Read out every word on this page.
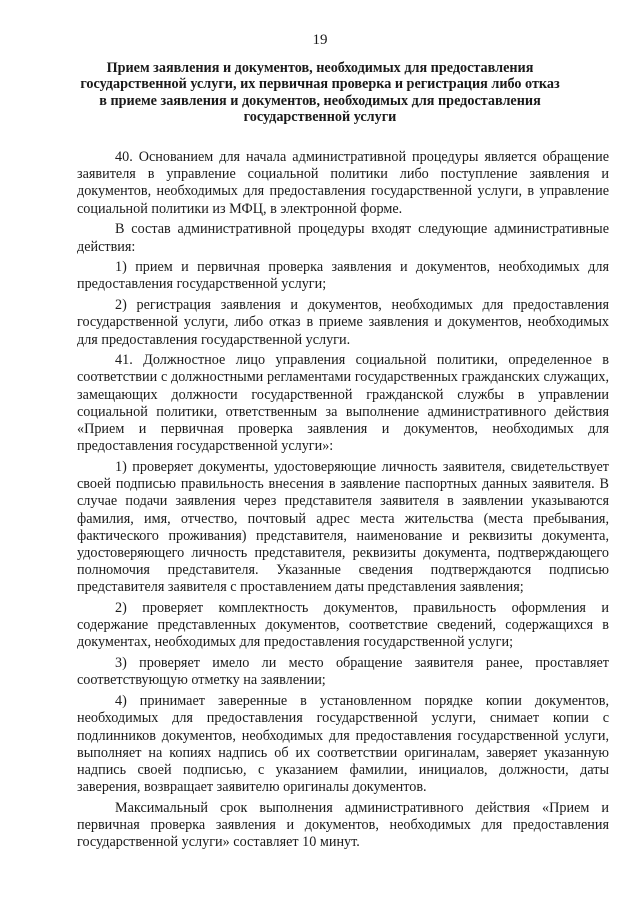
19
Прием заявления и документов, необходимых для предоставления государственной услуги, их первичная проверка и регистрация либо отказ в приеме заявления и документов, необходимых для предоставления государственной услуги

40. Основанием для начала административной процедуры является обращение заявителя в управление социальной политики либо поступление заявления и документов, необходимых для предоставления государственной услуги, в управление социальной политики из МФЦ, в электронной форме.

В состав административной процедуры входят следующие административные действия:

1) прием и первичная проверка заявления и документов, необходимых для предоставления государственной услуги;

2) регистрация заявления и документов, необходимых для предоставления государственной услуги, либо отказ в приеме заявления и документов, необходимых для предоставления государственной услуги.

41. Должностное лицо управления социальной политики, определенное в соответствии с должностными регламентами государственных гражданских служащих, замещающих должности государственной гражданской службы в управлении социальной политики, ответственным за выполнение административного действия «Прием и первичная проверка заявления и документов, необходимых для предоставления государственной услуги»:

1) проверяет документы, удостоверяющие личность заявителя, свидетельствует своей подписью правильность внесения в заявление паспортных данных заявителя. В случае подачи заявления через представителя заявителя в заявлении указываются фамилия, имя, отчество, почтовый адрес места жительства (места пребывания, фактического проживания) представителя, наименование и реквизиты документа, удостоверяющего личность представителя, реквизиты документа, подтверждающего полномочия представителя. Указанные сведения подтверждаются подписью представителя заявителя с проставлением даты представления заявления;

2) проверяет комплектность документов, правильность оформления и содержание представленных документов, соответствие сведений, содержащихся в документах, необходимых для предоставления государственной услуги;

3) проверяет имело ли место обращение заявителя ранее, проставляет соответствующую отметку на заявлении;

4) принимает заверенные в установленном порядке копии документов, необходимых для предоставления государственной услуги, снимает копии с подлинников документов, необходимых для предоставления государственной услуги, выполняет на копиях надпись об их соответствии оригиналам, заверяет указанную надпись своей подписью, с указанием фамилии, инициалов, должности, даты заверения, возвращает заявителю оригиналы документов.

Максимальный срок выполнения административного действия «Прием и первичная проверка заявления и документов, необходимых для предоставления государственной услуги» составляет 10 минут.
